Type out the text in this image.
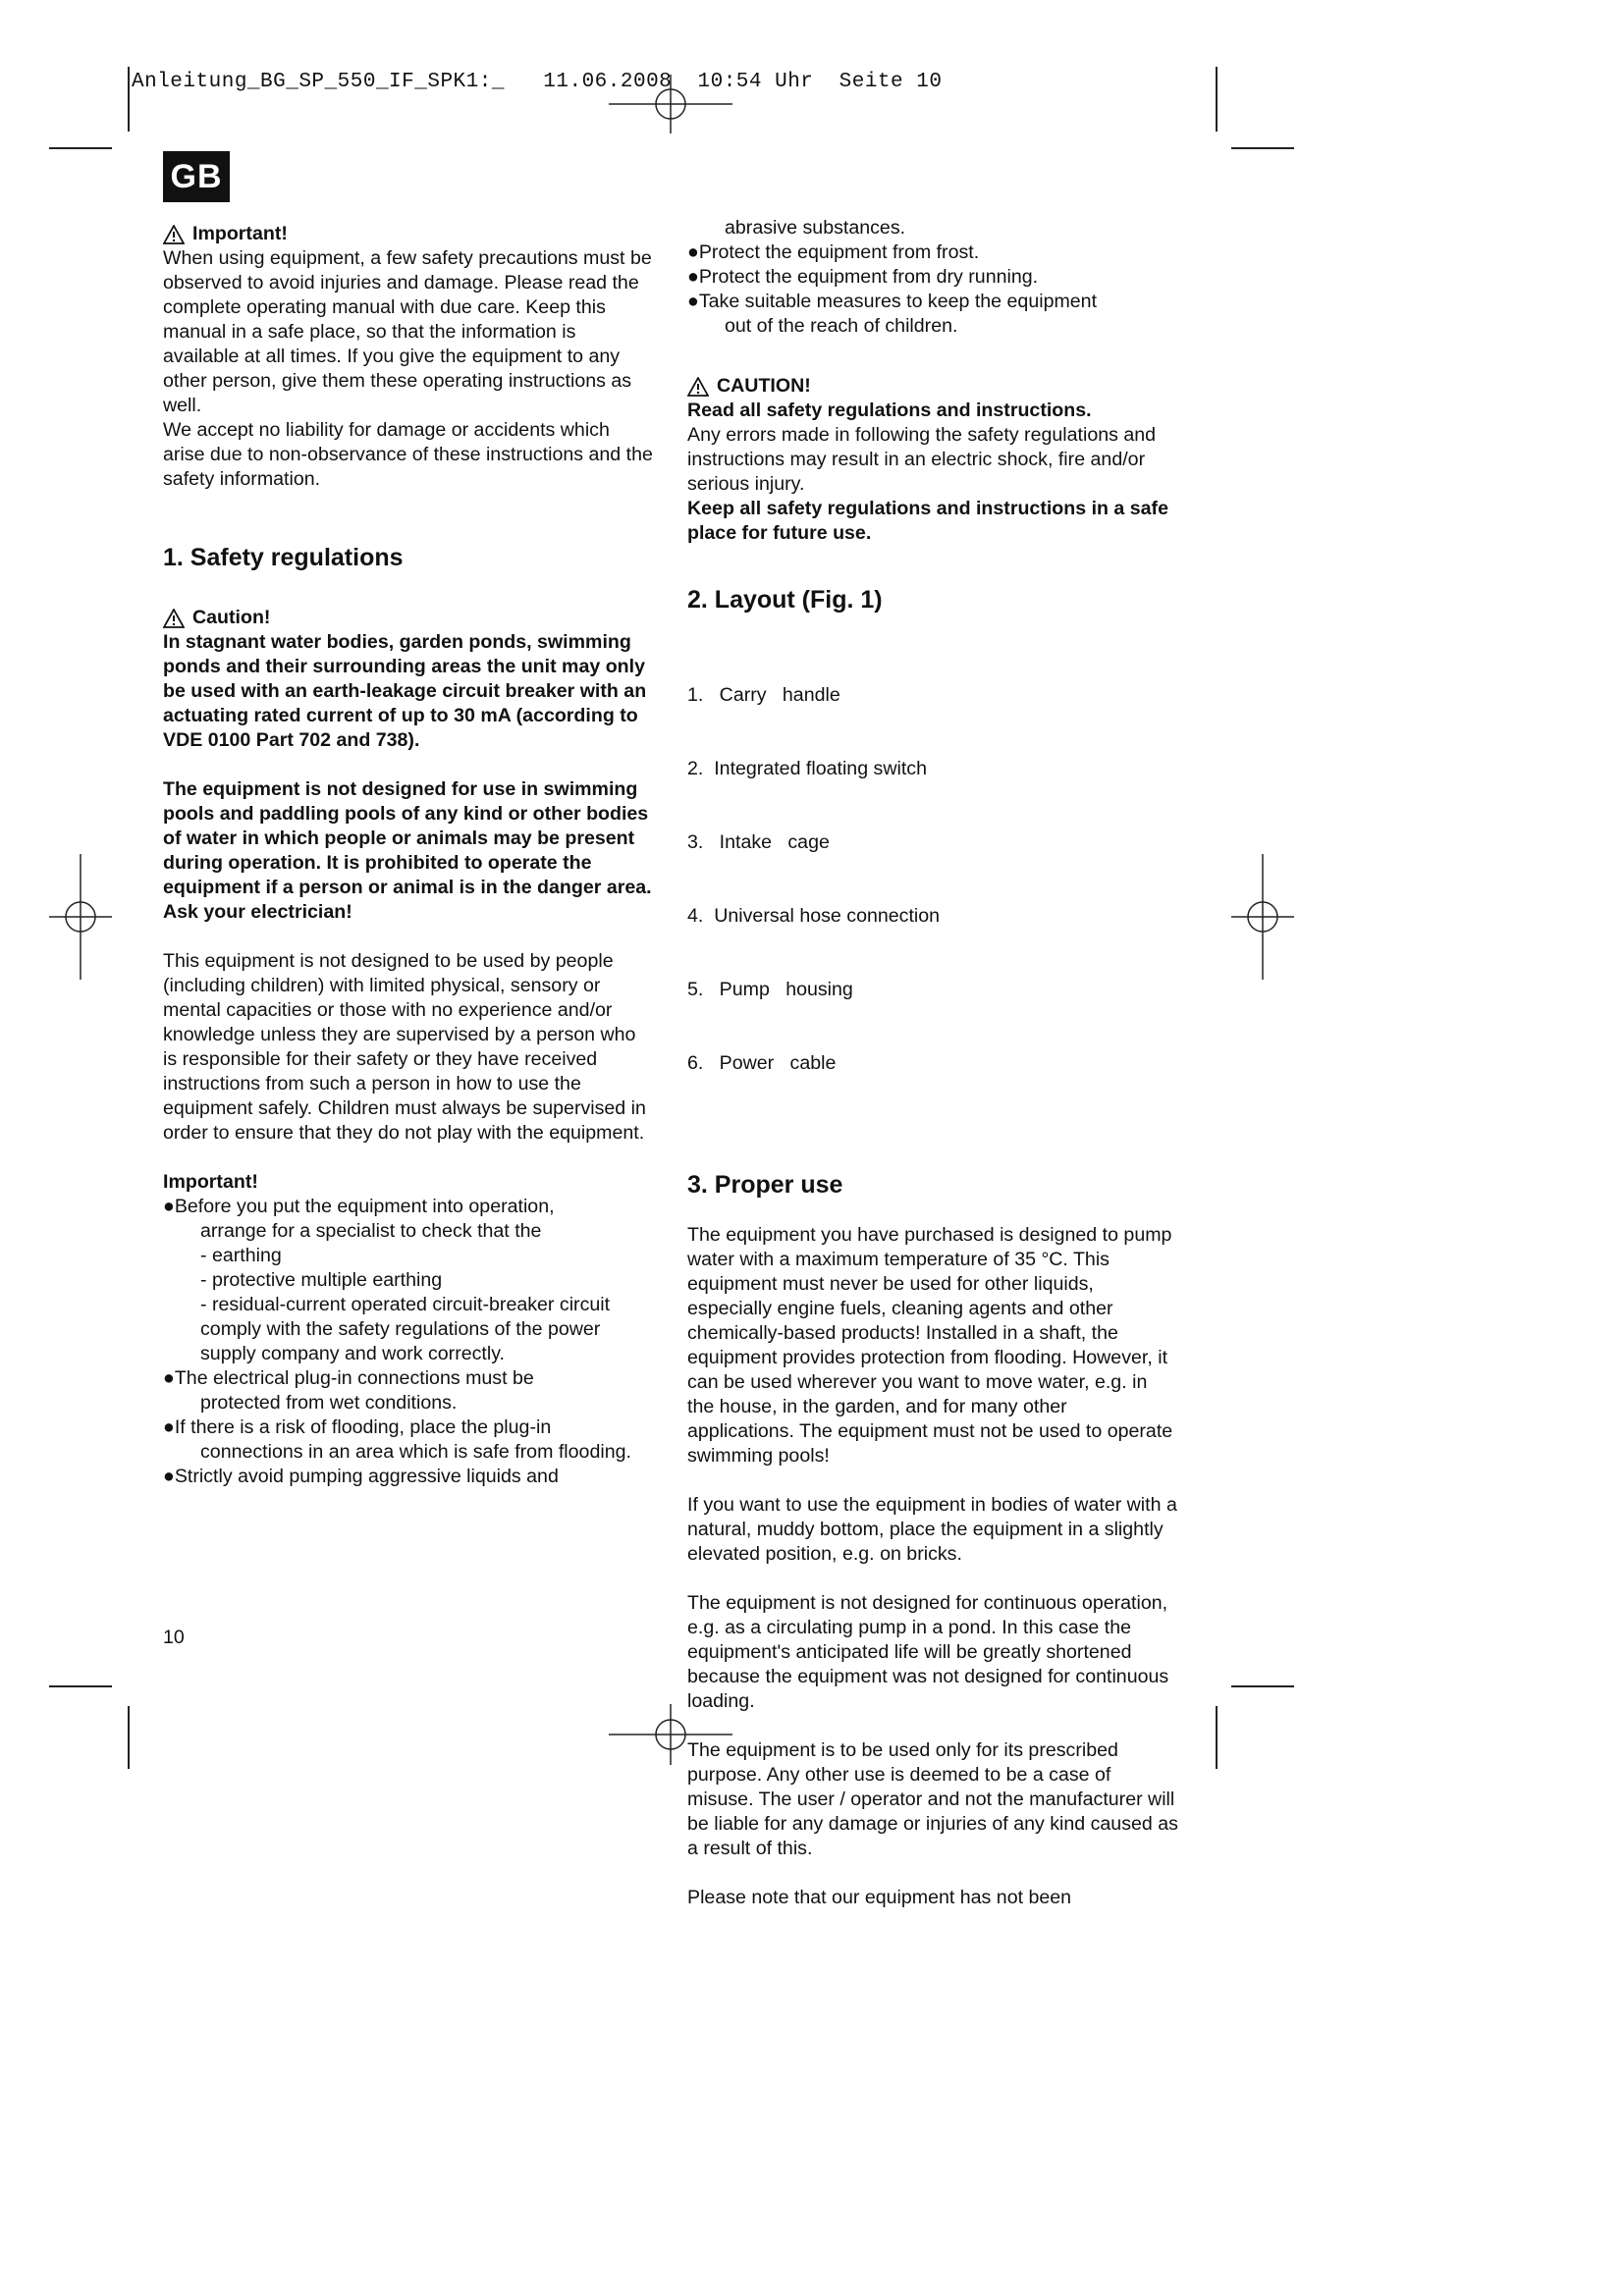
Anleitung_BG_SP_550_IF_SPK1:_   11.06.2008  10:54 Uhr  Seite 10
GB
Important!

When using equipment, a few safety precautions must be observed to avoid injuries and damage. Please read the complete operating manual with due care. Keep this manual in a safe place, so that the information is available at all times. If you give the equipment to any other person, give them these operating instructions as well.

We accept no liability for damage or accidents which arise due to non-observance of these instructions and the safety information.

1. Safety regulations
Caution!

In stagnant water bodies, garden ponds, swimming ponds and their surrounding areas the unit may only be used with an earth-leakage circuit breaker with an actuating rated current of up to 30 mA (according to VDE 0100 Part 702 and 738).

The equipment is not designed for use in swimming pools and paddling pools of any kind or other bodies of water in which people or animals may be present during operation. It is prohibited to operate the equipment if a person or animal is in the danger area. Ask your electrician!

This equipment is not designed to be used by people (including children) with limited physical, sensory or mental capacities or those with no experience and/or knowledge unless they are supervised by a person who is responsible for their safety or they have received instructions from such a person in how to use the equipment safely. Children must always be supervised in order to ensure that they do not play with the equipment.

Important!

●Before you put the equipment into operation,

arrange for a specialist to check that the

- earthing

- protective multiple earthing

- residual-current operated circuit-breaker circuit comply with the safety regulations of the power supply company and work correctly.

●The electrical plug-in connections must be

protected from wet conditions.

●If there is a risk of flooding, place the plug-in

connections in an area which is safe from flooding.

●Strictly avoid pumping aggressive liquids and

abrasive substances.

●Protect the equipment from frost.

●Protect the equipment from dry running.

●Take suitable measures to keep the equipment

out of the reach of children.

CAUTION!

Read all safety regulations and instructions.

Any errors made in following the safety regulations and instructions may result in an electric shock, fire and/or serious injury.

Keep all safety regulations and instructions in a safe place for future use.

2. Layout (Fig. 1)

1.   Carry   handle

2.  Integrated floating switch

3.   Intake   cage

4.  Universal hose connection

5.   Pump   housing

6.   Power   cable

3. Proper use

The equipment you have purchased is designed to pump water with a maximum temperature of 35 °C. This equipment must never be used for other liquids, especially engine fuels, cleaning agents and other chemically-based products! Installed in a shaft, the equipment provides protection from flooding. However, it can be used wherever you want to move water, e.g. in the house, in the garden, and for many other applications. The equipment must not be used to operate swimming pools!

If you want to use the equipment in bodies of water with a natural, muddy bottom, place the equipment in a slightly elevated position, e.g. on bricks.

The equipment is not designed for continuous operation, e.g. as a circulating pump in a pond. In this case the equipment's anticipated life will be greatly shortened because the equipment was not designed for continuous loading.

The equipment is to be used only for its prescribed purpose. Any other use is deemed to be a case of misuse. The user / operator and not the manufacturer will be liable for any damage or injuries of any kind caused as a result of this.

Please note that our equipment has not been

10
